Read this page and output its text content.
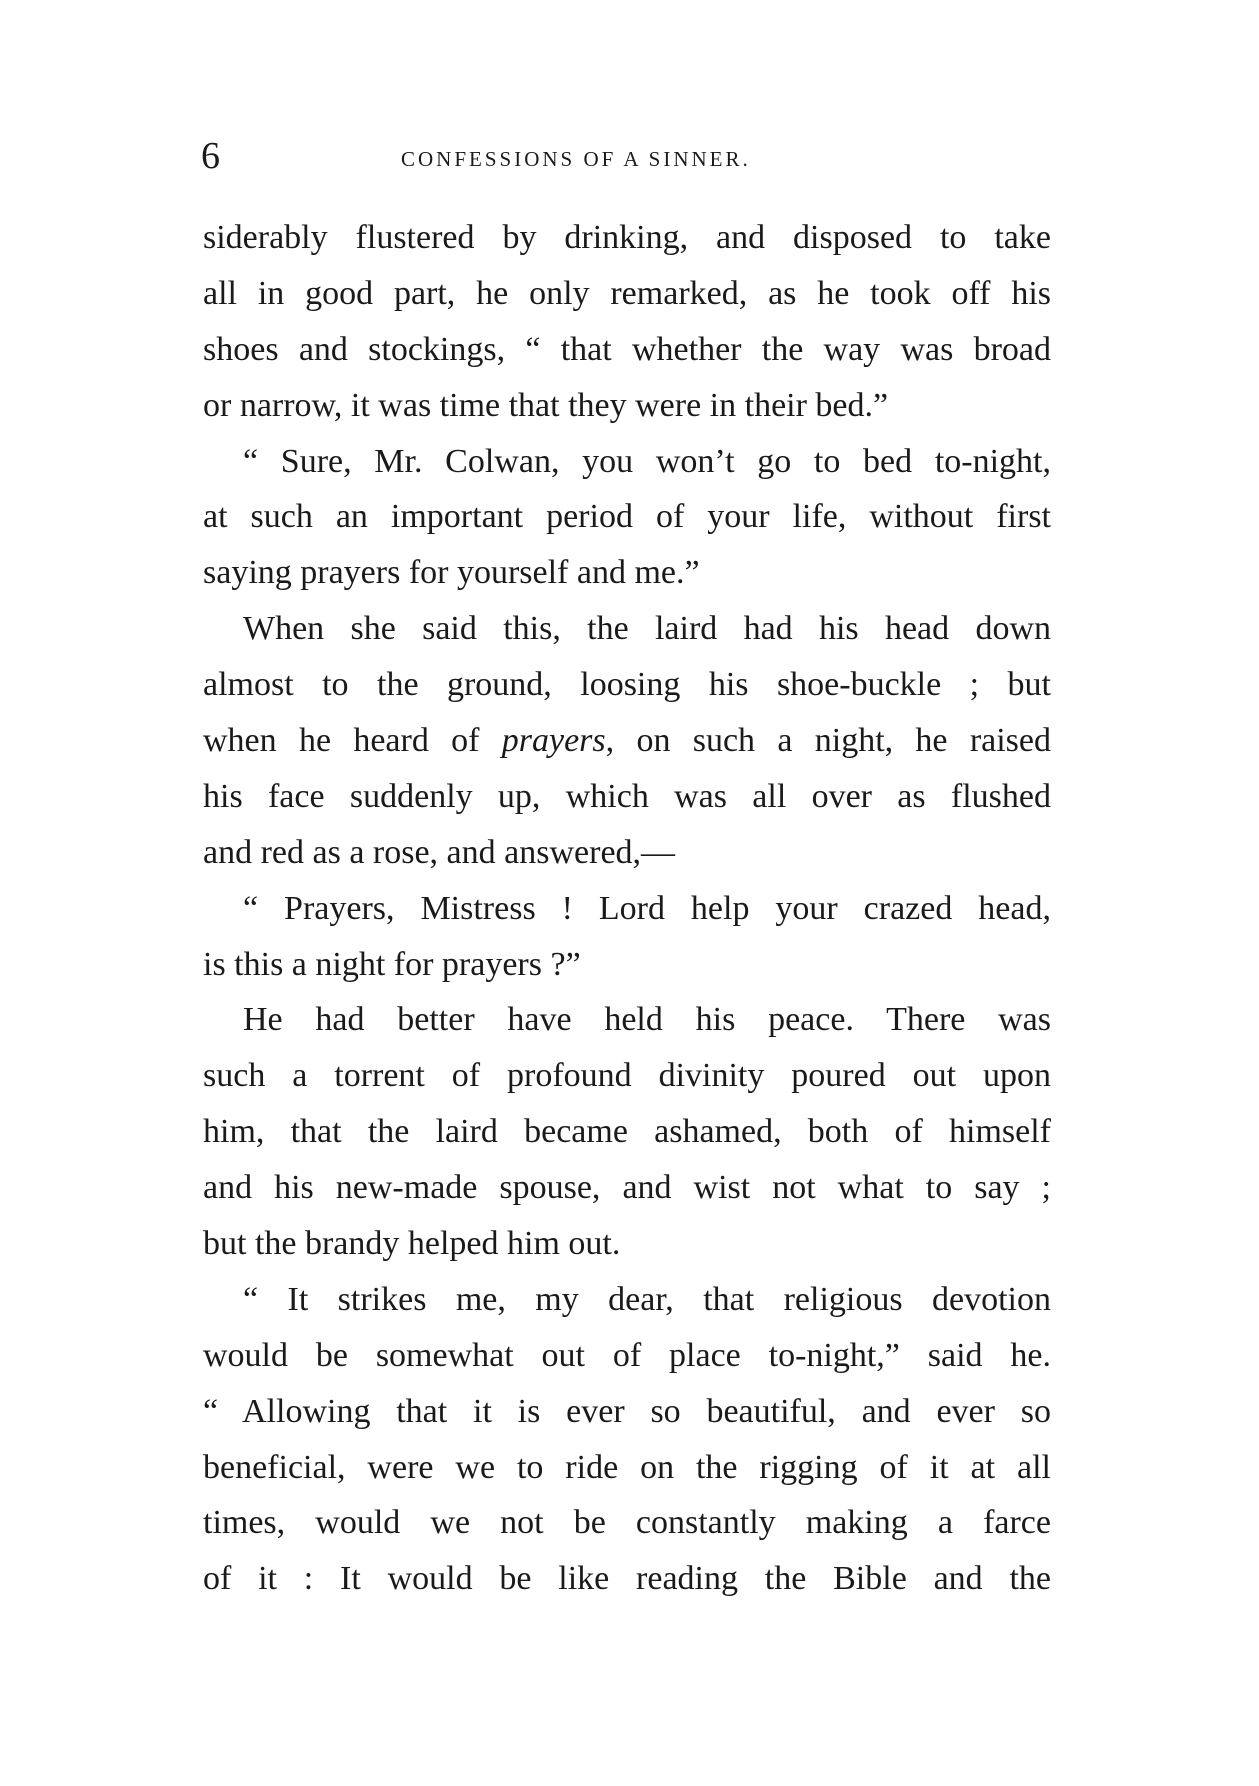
6	CONFESSIONS OF A SINNER.
siderably flustered by drinking, and disposed to take
all in good part, he only remarked, as he took off his
shoes and stockings, “ that whether the way was broad
or narrow, it was time that they were in their bed.”
“ Sure, Mr. Colwan, you won’t go to bed to-night,
at such an important period of your life, without first
saying prayers for yourself and me.”
When she said this, the laird had his head down
almost to the ground, loosing his shoe-buckle ; but
when he heard of prayers, on such a night, he raised
his face suddenly up, which was all over as flushed
and red as a rose, and answered,—
“ Prayers, Mistress ! Lord help your crazed head,
is this a night for prayers ?”
He had better have held his peace. There was
such a torrent of profound divinity poured out upon
him, that the laird became ashamed, both of himself
and his new-made spouse, and wist not what to say ;
but the brandy helped him out.
“ It strikes me, my dear, that religious devotion
would be somewhat out of place to-night,” said he.
“ Allowing that it is ever so beautiful, and ever so
beneficial, were we to ride on the rigging of it at all
times, would we not be constantly making a farce
of it : It would be like reading the Bible and the
